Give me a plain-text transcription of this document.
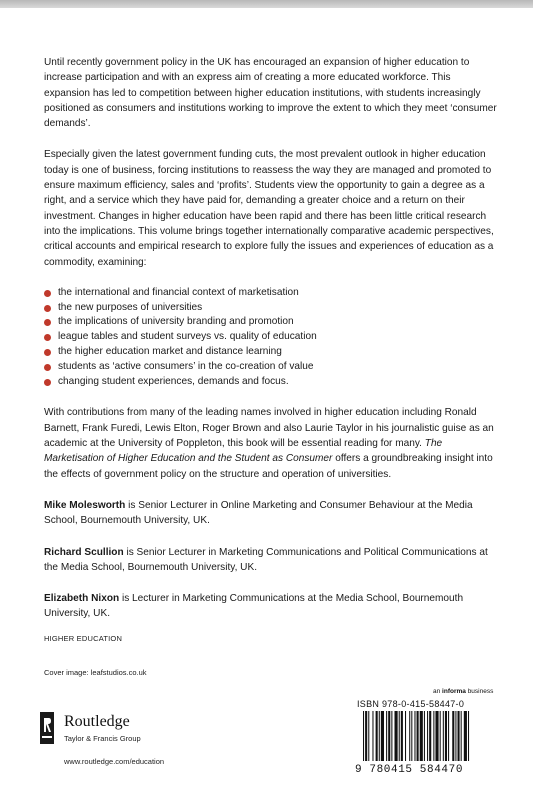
Until recently government policy in the UK has encouraged an expansion of higher education to increase participation and with an express aim of creating a more educated workforce. This expansion has led to competition between higher education institutions, with students increasingly positioned as consumers and institutions working to improve the extent to which they meet ‘consumer demands’.

Especially given the latest government funding cuts, the most prevalent outlook in higher education today is one of business, forcing institutions to reassess the way they are managed and promoted to ensure maximum efficiency, sales and ‘profits’. Students view the opportunity to gain a degree as a right, and a service which they have paid for, demanding a greater choice and a return on their investment. Changes in higher education have been rapid and there has been little critical research into the implications. This volume brings together internationally comparative academic perspectives, critical accounts and empirical research to explore fully the issues and experiences of education as a commodity, examining:

the international and financial context of marketisation
the new purposes of universities
the implications of university branding and promotion
league tables and student surveys vs. quality of education
the higher education market and distance learning
students as ‘active consumers’ in the co-creation of value
changing student experiences, demands and focus.

With contributions from many of the leading names involved in higher education including Ronald Barnett, Frank Furedi, Lewis Elton, Roger Brown and also Laurie Taylor in his journalistic guise as an academic at the University of Poppleton, this book will be essential reading for many. The Marketisation of Higher Education and the Student as Consumer offers a groundbreaking insight into the effects of government policy on the structure and operation of universities.

Mike Molesworth is Senior Lecturer in Online Marketing and Consumer Behaviour at the Media School, Bournemouth University, UK.

Richard Scullion is Senior Lecturer in Marketing Communications and Political Communications at the Media School, Bournemouth University, UK.

Elizabeth Nixon is Lecturer in Marketing Communications at the Media School, Bournemouth University, UK.

HIGHER EDUCATION
Cover image: leafstudios.co.uk
Routledge
Taylor & Francis Group
www.routledge.com/education
an informa business
ISBN 978-0-415-58447-0
9 780415 584470
